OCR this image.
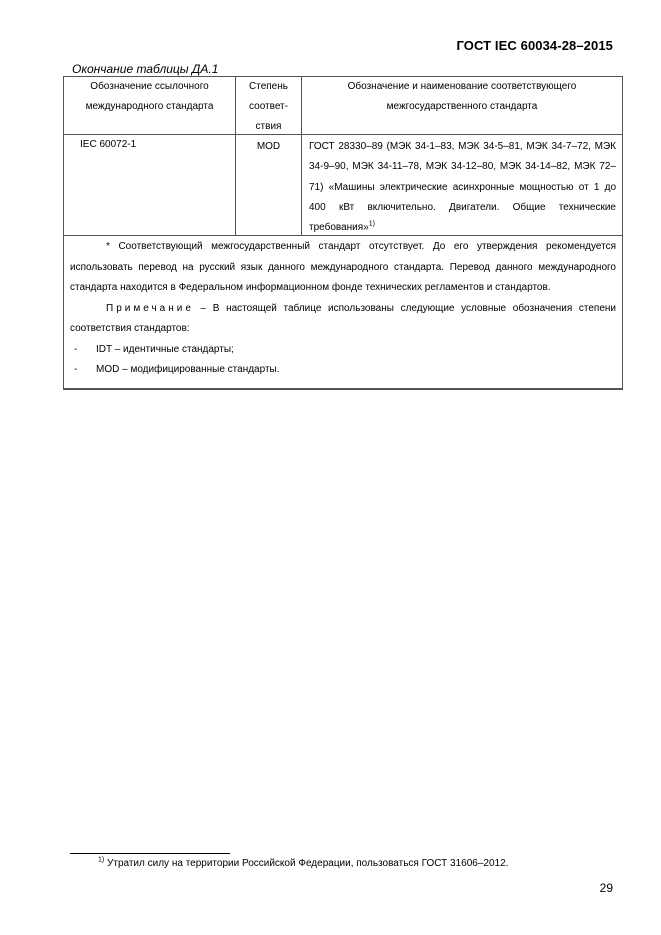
ГОСТ IEC 60034-28–2015
Окончание таблицы ДА.1
Обозначение ссылочного
международного стандарта
Степень
соответ-
ствия
Обозначение и наименование соответствующего
межгосударственного стандарта
IEC 60072-1	MOD	ГОСТ 28330–89 (МЭК 34-1–83, МЭК 34-5–81, МЭК 34-7–72, МЭК 34-9–90, МЭК 34-11–78, МЭК 34-12–80, МЭК 34-14–82, МЭК 72–71) «Машины электрические асинхронные мощностью от 1 до 400 кВт включительно. Двигатели. Общие технические требования»$^{1)}$

* Соответствующий межгосударственный стандарт отсутствует. До его утверждения рекомендуется использовать перевод на русский язык данного международного стандарта. Перевод данного международного стандарта находится в Федеральном информационном фонде технических регламентов и стандартов.

Примечание – В настоящей таблице использованы следующие условные обозначения степени соответствия стандартов:

- IDT – идентичные стандарты;

- MOD – модифицированные стандарты.

$^{1)}$ Утратил силу на территории Российской Федерации, пользоваться ГОСТ 31606–2012.
29
